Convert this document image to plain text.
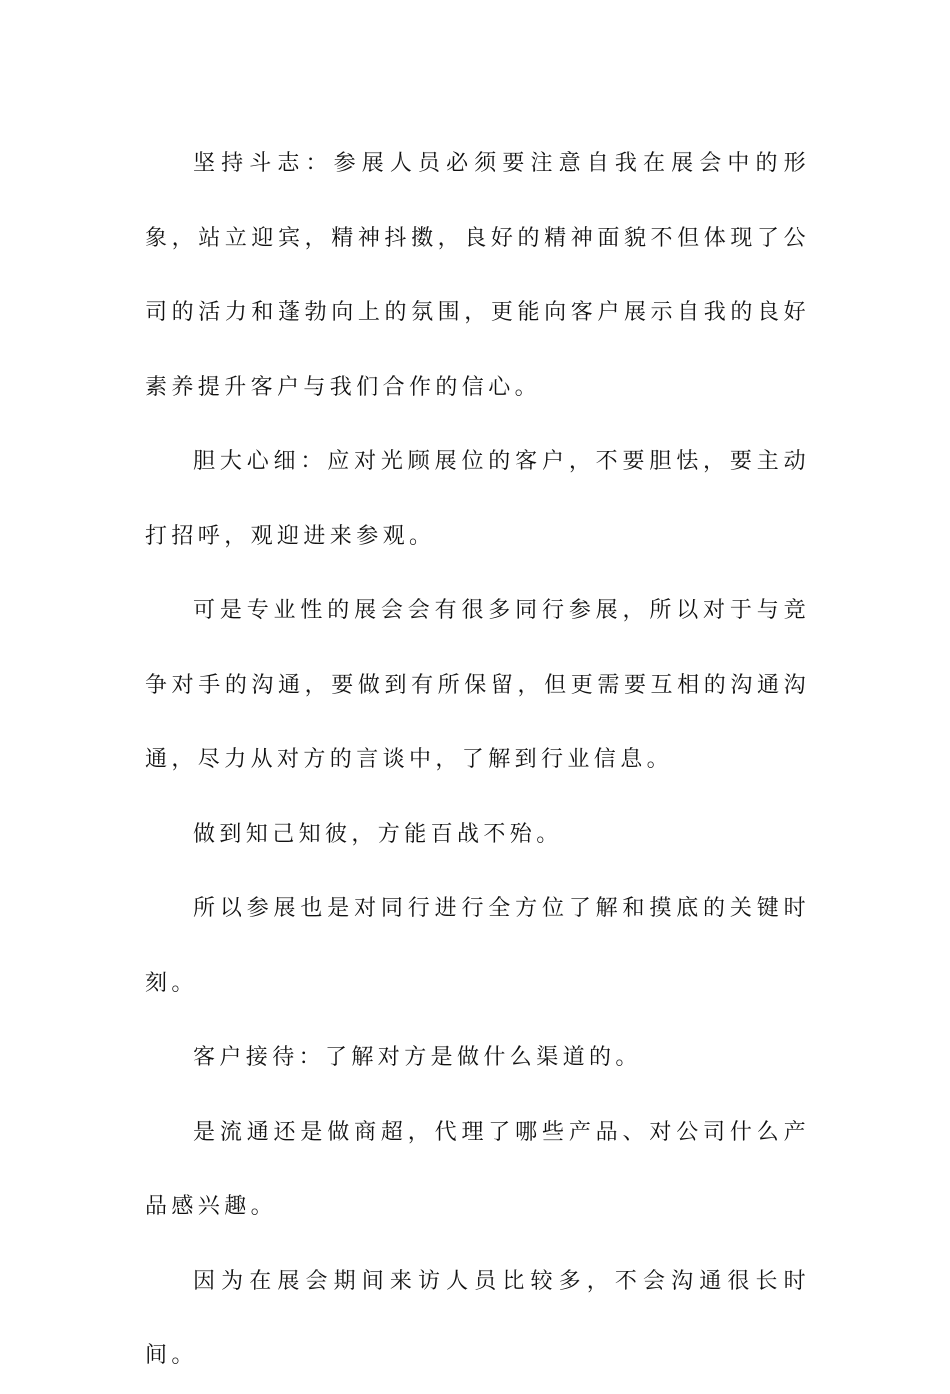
坚持斗志：参展人员必须要注意自我在展会中的形象，站立迎宾，精神抖擞，良好的精神面貌不但体现了公司的活力和蓬勃向上的氛围，更能向客户展示自我的良好素养提升客户与我们合作的信心。

胆大心细：应对光顾展位的客户，不要胆怯，要主动打招呼，观迎进来参观。

可是专业性的展会会有很多同行参展，所以对于与竞争对手的沟通，要做到有所保留，但更需要互相的沟通沟通，尽力从对方的言谈中，了解到行业信息。

做到知己知彼，方能百战不殆。

所以参展也是对同行进行全方位了解和摸底的关键时刻。

客户接待：了解对方是做什么渠道的。

是流通还是做商超，代理了哪些产品、对公司什么产品感兴趣。

因为在展会期间来访人员比较多，不会沟通很长时间。
